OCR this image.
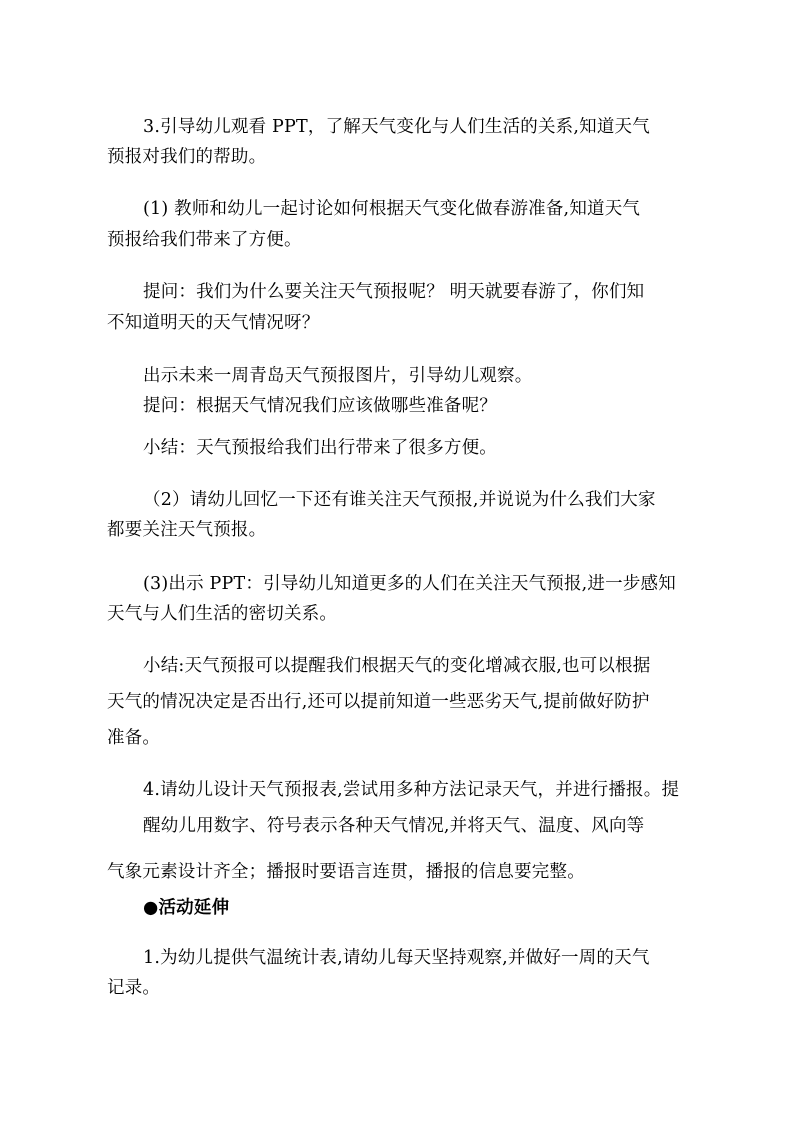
3.引导幼儿观看 PPT，了解天气变化与人们生活的关系,知道天气
预报对我们的帮助。
(1) 教师和幼儿一起讨论如何根据天气变化做春游准备,知道天气
预报给我们带来了方便。
提问：我们为什么要关注天气预报呢？ 明天就要春游了，你们知
不知道明天的天气情况呀？
出示未来一周青岛天气预报图片，引导幼儿观察。
提问：根据天气情况我们应该做哪些准备呢？
小结：天气预报给我们出行带来了很多方便。
（2）请幼儿回忆一下还有谁关注天气预报,并说说为什么我们大家
都要关注天气预报。
(3)出示 PPT：引导幼儿知道更多的人们在关注天气预报,进一步感知
天气与人们生活的密切关系。
小结:天气预报可以提醒我们根据天气的变化增减衣服,也可以根据
天气的情况决定是否出行,还可以提前知道一些恶劣天气,提前做好防护
准备。
4.请幼儿设计天气预报表,尝试用多种方法记录天气，并进行播报。提
醒幼儿用数字、符号表示各种天气情况,并将天气、温度、风向等
气象元素设计齐全；播报时要语言连贯，播报的信息要完整。
●活动延伸
1.为幼儿提供气温统计表,请幼儿每天坚持观察,并做好一周的天气
记录。
